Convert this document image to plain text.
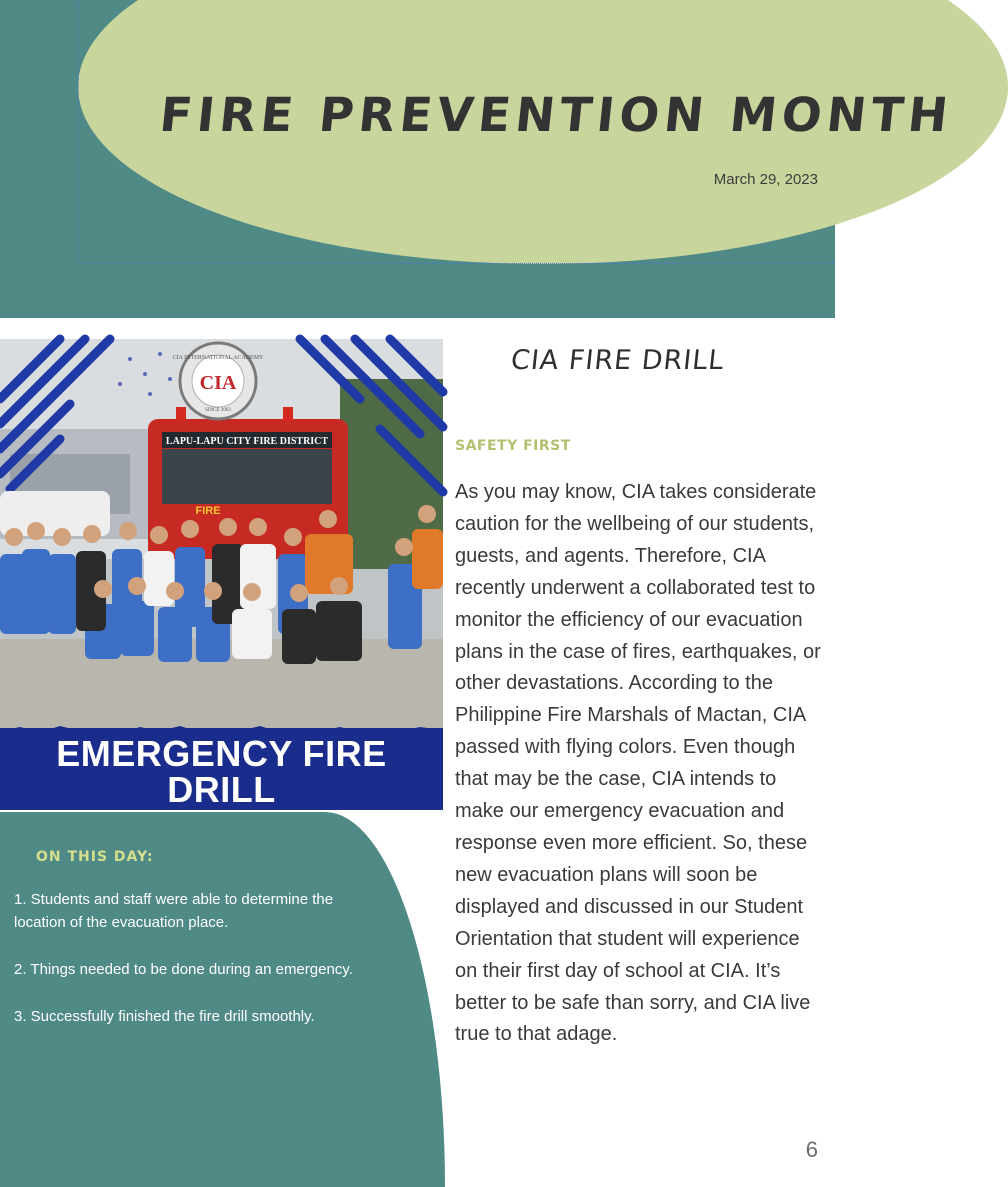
FIRE PREVENTION MONTH
March 29, 2023
LAPU-LAPU CITY FIRE DISTRICT
FIRE
CIA
CIA INTERNATIONAL ACADEMY
SINCE 2003
EMERGENCY FIRE DRILL
ON THIS DAY:
1. Students and staff were able to determine the location of the evacuation place.
2. Things needed to be done during an emergency.
3. Successfully finished the fire drill smoothly.
CIA FIRE DRILL
SAFETY FIRST

As you may know, CIA takes considerate caution for the wellbeing of our students, guests, and agents. Therefore, CIA recently underwent a collaborated test to monitor the efficiency of our evacuation plans in the case of fires, earthquakes, or other devastations. According to the Philippine Fire Marshals of Mactan, CIA passed with flying colors. Even though that may be the case, CIA intends to make our emergency evacuation and response even more efficient. So, these new evacuation plans will soon be displayed and discussed in our Student Orientation that student will experience on their first day of school at CIA. It’s better to be safe than sorry, and CIA live true to that adage.

6
